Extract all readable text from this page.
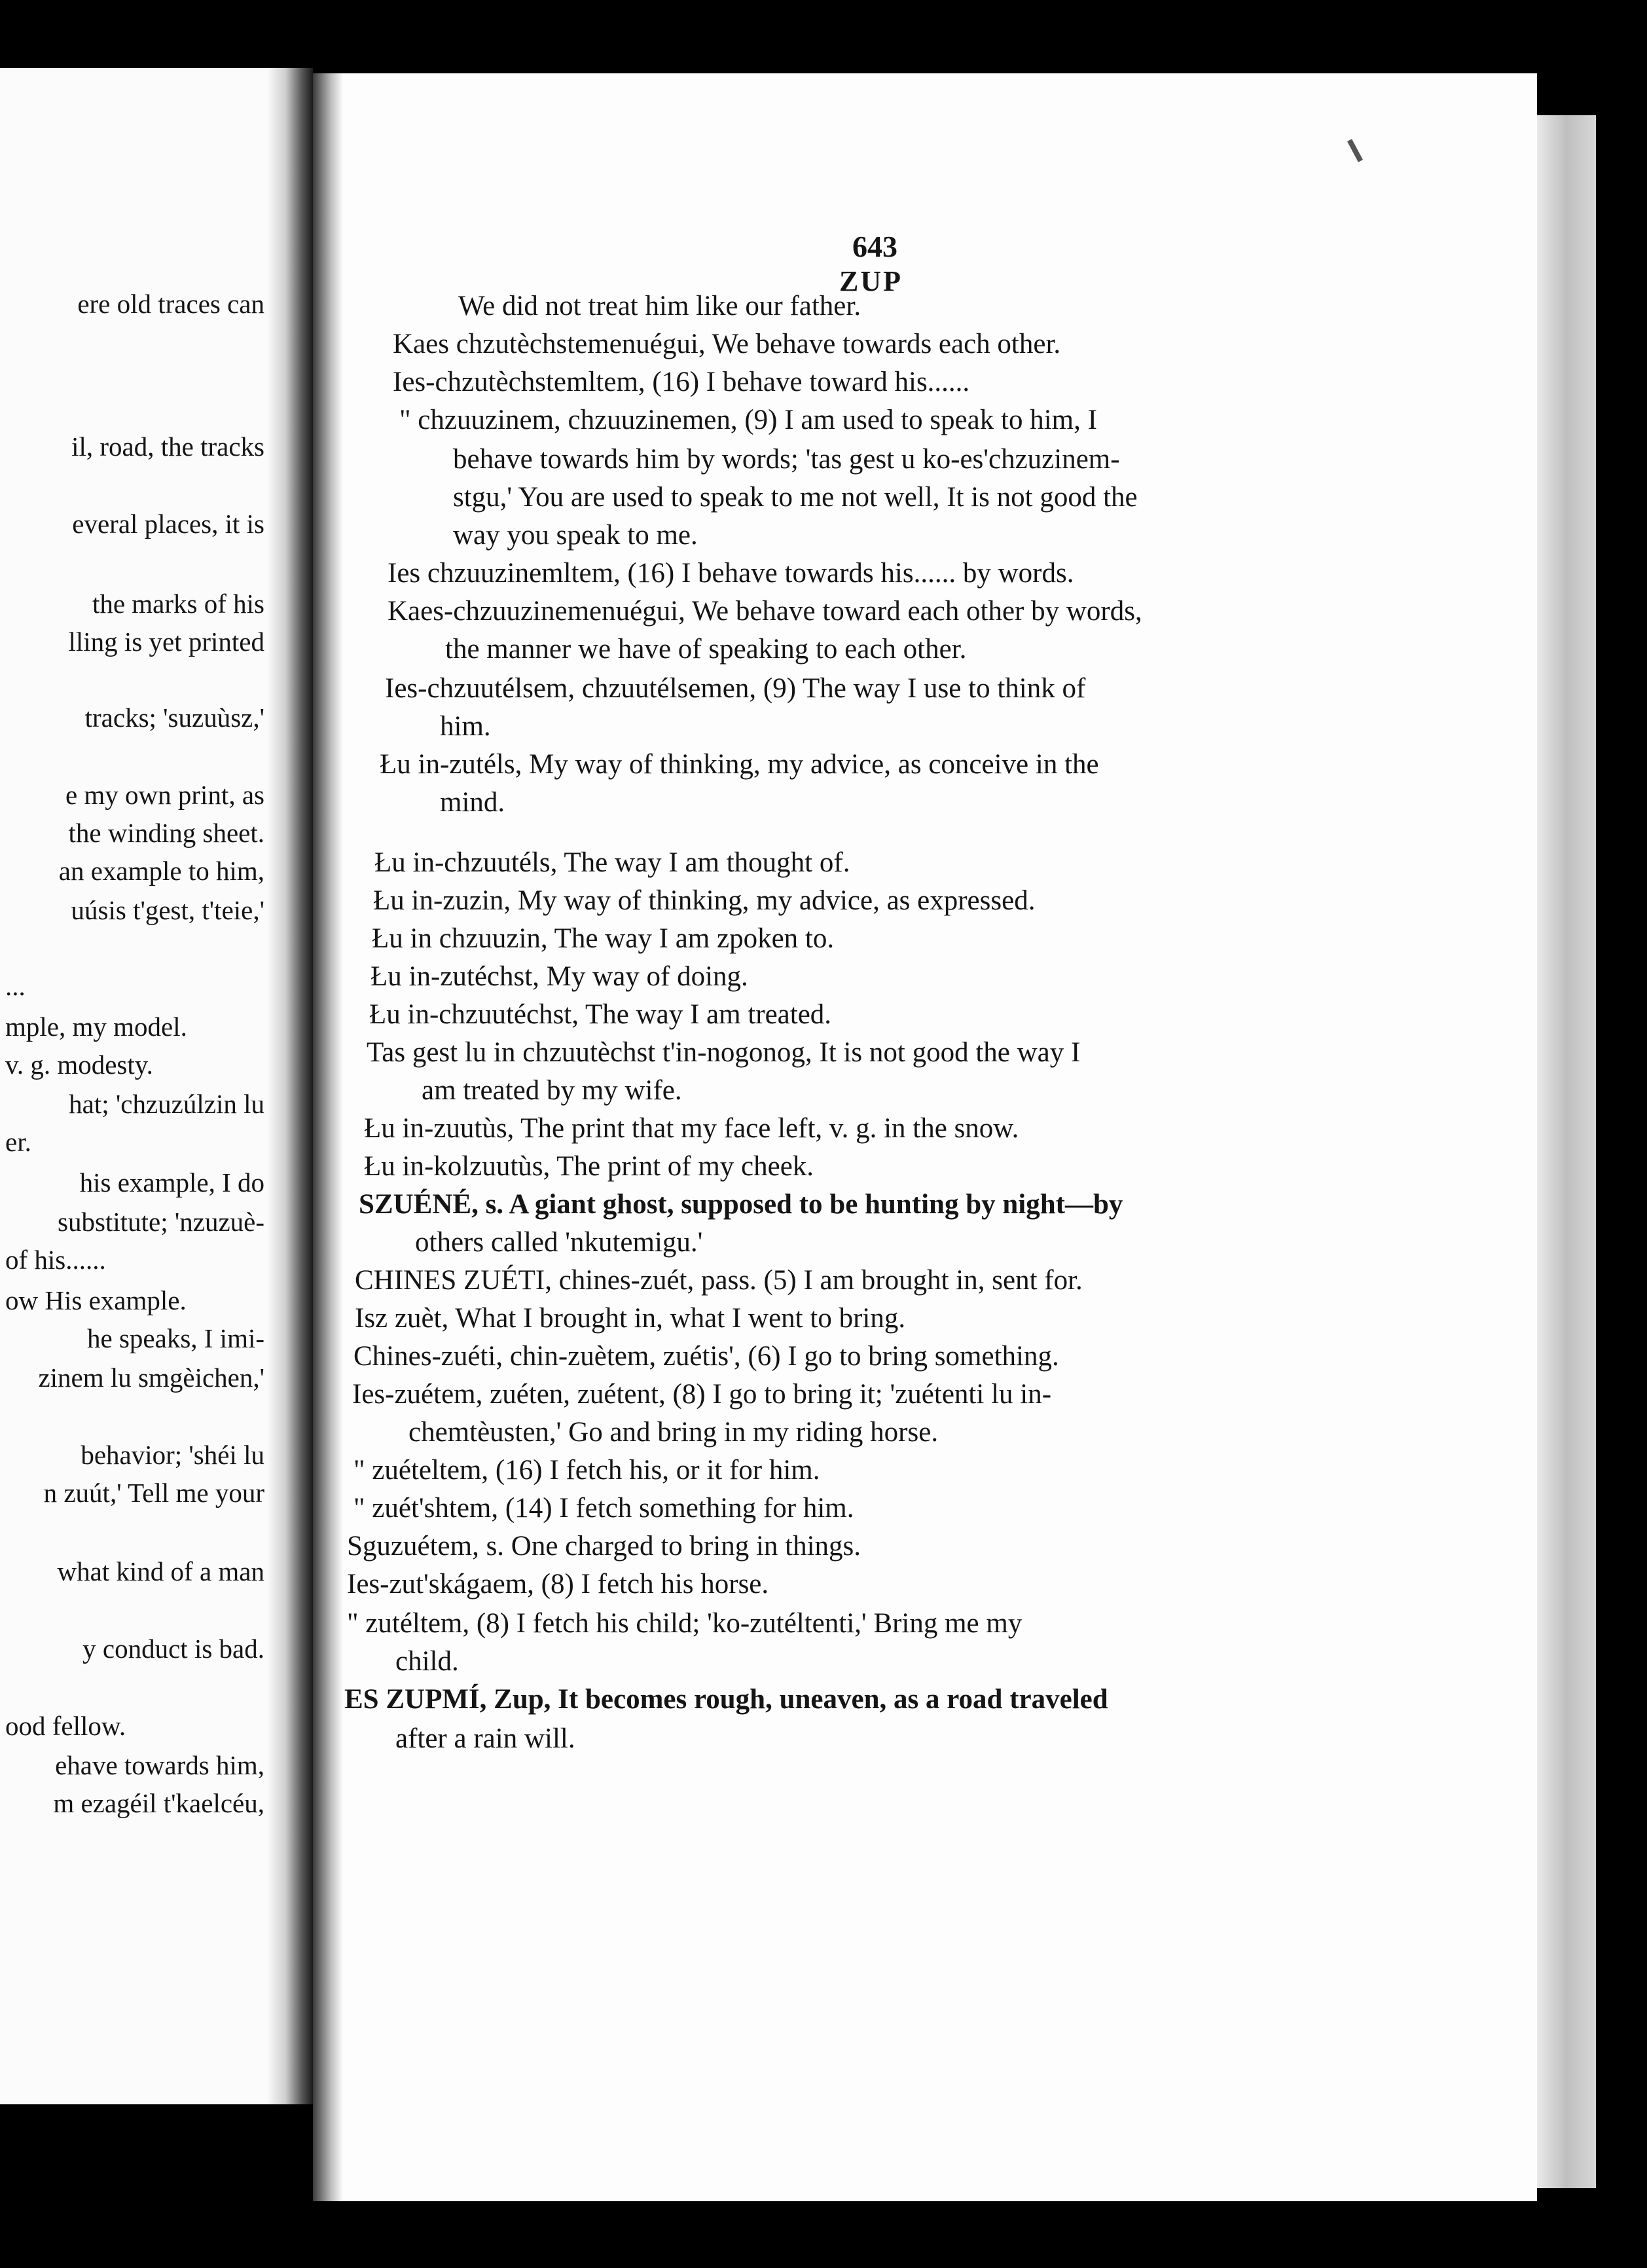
ere old traces can
il, road, the tracks
everal places, it is
the marks of his
lling is yet printed
tracks; 'suzuùsz,'
e my own print, as
the winding sheet.
an example to him,
uúsis t'gest, t'teie,'
...
mple, my model.
v. g. modesty.
hat; 'chzuzúlzin lu
er.
his example, I do
substitute; 'nzuzuè-
of his......
ow His example.
he speaks, I imi-
zinem lu smgèichen,'
behavior; 'shéi lu
n zuút,' Tell me your
what kind of a man
y conduct is bad.
ood fellow.
ehave towards him,
m ezagéil t'kaelcéu,
643
ZUP
We did not treat him like our father.
Kaes chzutèchstemenuégui, We behave towards each other.
Ies-chzutèchstemltem, (16) I behave toward his......
" chzuuzinem, chzuuzinemen, (9) I am used to speak to him, I
behave towards him by words; 'tas gest u ko-es'chzuzinem-
stgu,' You are used to speak to me not well, It is not good the
way you speak to me.
Ies chzuuzinemltem, (16) I behave towards his...... by words.
Kaes-chzuuzinemenuégui, We behave toward each other by words,
the manner we have of speaking to each other.
Ies-chzuutélsem, chzuutélsemen, (9) The way I use to think of
him.
Łu in-zutéls, My way of thinking, my advice, as conceive in the
mind.
Łu in-chzuutéls, The way I am thought of.
Łu in-zuzin, My way of thinking, my advice, as expressed.
Łu in chzuuzin, The way I am zpoken to.
Łu in-zutéchst, My way of doing.
Łu in-chzuutéchst, The way I am treated.
Tas gest lu in chzuutèchst t'in-nogonog, It is not good the way I
am treated by my wife.
Łu in-zuutùs, The print that my face left, v. g. in the snow.
Łu in-kolzuutùs, The print of my cheek.
SZUÉNÉ, s. A giant ghost, supposed to be hunting by night—by
others called 'nkutemigu.'
CHINES ZUÉTI, chines-zuét, pass. (5) I am brought in, sent for.
Isz zuèt, What I brought in, what I went to bring.
Chines-zuéti, chin-zuètem, zuétis', (6) I go to bring something.
Ies-zuétem, zuéten, zuétent, (8) I go to bring it; 'zuétenti lu in-
chemtèusten,' Go and bring in my riding horse.
" zuételtem, (16) I fetch his, or it for him.
" zuét'shtem, (14) I fetch something for him.
Sguzuétem, s. One charged to bring in things.
Ies-zut'skágaem, (8) I fetch his horse.
" zutéltem, (8) I fetch his child; 'ko-zutéltenti,' Bring me my
child.
ES ZUPMÍ, Zup, It becomes rough, uneaven, as a road traveled
after a rain will.
